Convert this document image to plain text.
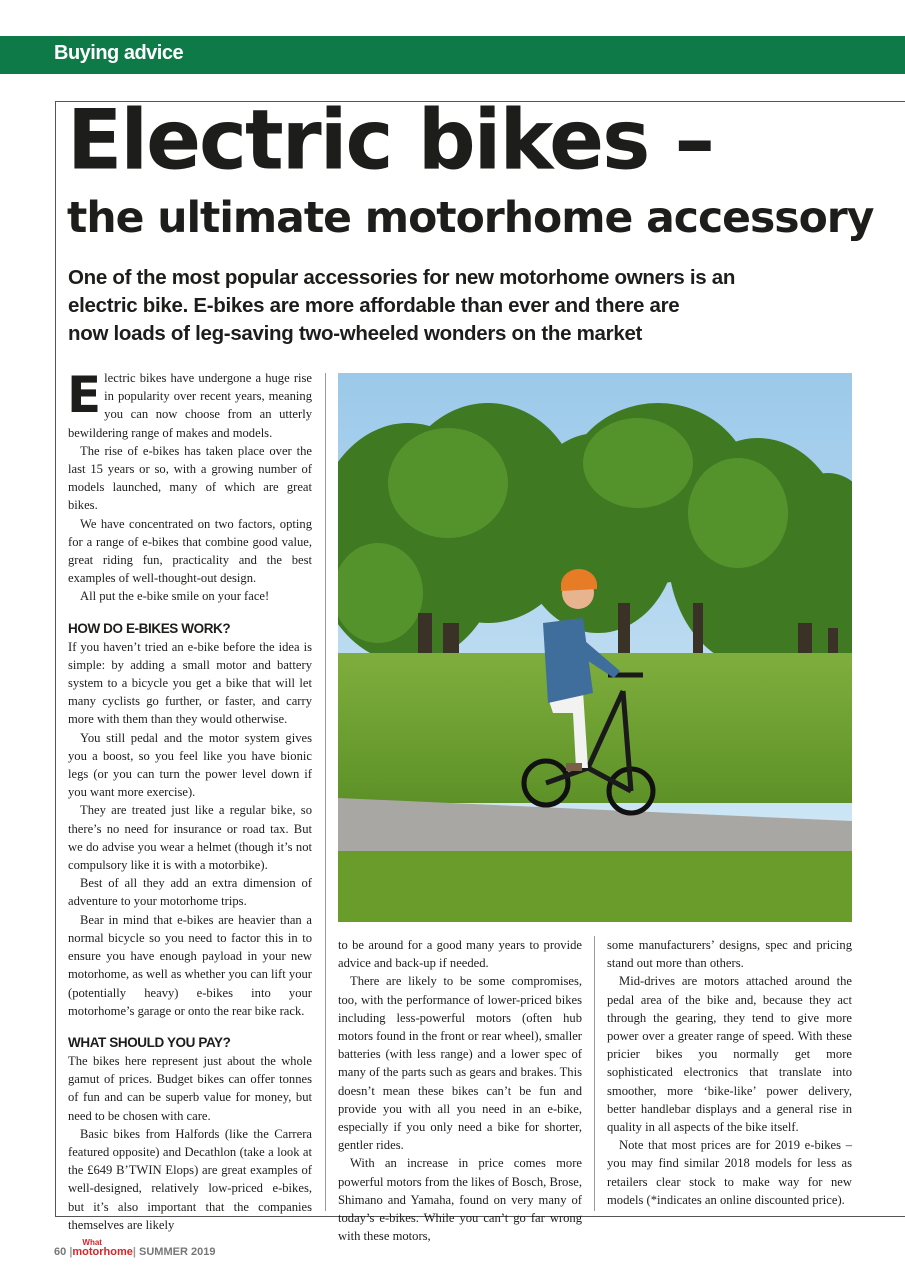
Buying advice
Electric bikes –
the ultimate motorhome accessory

One of the most popular accessories for new motorhome owners is an

electric bike. E-bikes are more affordable than ever and there are

now loads of leg-saving two-wheeled wonders on the market

Electric bikes have undergone a huge rise in popularity over recent years, meaning you can now choose from an utterly bewildering range of makes and models.

The rise of e-bikes has taken place over the last 15 years or so, with a growing number of models launched, many of which are great bikes.

We have concentrated on two factors, opting for a range of e-bikes that combine good value, great riding fun, practicality and the best examples of well-thought-out design.

All put the e-bike smile on your face!

HOW DO E-BIKES WORK?

If you haven’t tried an e-bike before the idea is simple: by adding a small motor and battery system to a bicycle you get a bike that will let many cyclists go further, or faster, and carry more with them than they would otherwise.

You still pedal and the motor system gives you a boost, so you feel like you have bionic legs (or you can turn the power level down if you want more exercise).

They are treated just like a regular bike, so there’s no need for insurance or road tax. But we do advise you wear a helmet (though it’s not compulsory like it is with a motorbike).

Best of all they add an extra dimension of adventure to your motorhome trips.

Bear in mind that e-bikes are heavier than a normal bicycle so you need to factor this in to ensure you have enough payload in your new motorhome, as well as whether you can lift your (potentially heavy) e-bikes into your motorhome’s garage or onto the rear bike rack.

WHAT SHOULD YOU PAY?

The bikes here represent just about the whole gamut of prices. Budget bikes can offer tonnes of fun and can be superb value for money, but need to be chosen with care.

Basic bikes from Halfords (like the Carrera featured opposite) and Decathlon (take a look at the £649 B’TWIN Elops) are great examples of well-designed, relatively low-priced e-bikes, but it’s also important that the companies themselves are likely

to be around for a good many years to provide advice and back-up if needed.

There are likely to be some compromises, too, with the performance of lower-priced bikes including less-powerful motors (often hub motors found in the front or rear wheel), smaller batteries (with less range) and a lower spec of many of the parts such as gears and brakes. This doesn’t mean these bikes can’t be fun and provide you with all you need in an e-bike, especially if you only need a bike for shorter, gentler rides.

With an increase in price comes more powerful motors from the likes of Bosch, Brose, Shimano and Yamaha, found on very many of today’s e-bikes. While you can’t go far wrong with these motors,

some manufacturers’ designs, spec and pricing stand out more than others.

Mid-drives are motors attached around the pedal area of the bike and, because they act through the gearing, they tend to give more power over a greater range of speed. With these pricier bikes you normally get more sophisticated electronics that translate into smoother, more ‘bike-like’ power delivery, better handlebar displays and a general rise in quality in all aspects of the bike itself.

Note that most prices are for 2019 e-bikes – you may find similar 2018 models for less as retailers clear stock to make way for new models (*indicates an online discounted price).

60 |
What
motorhome| SUMMER 2019
